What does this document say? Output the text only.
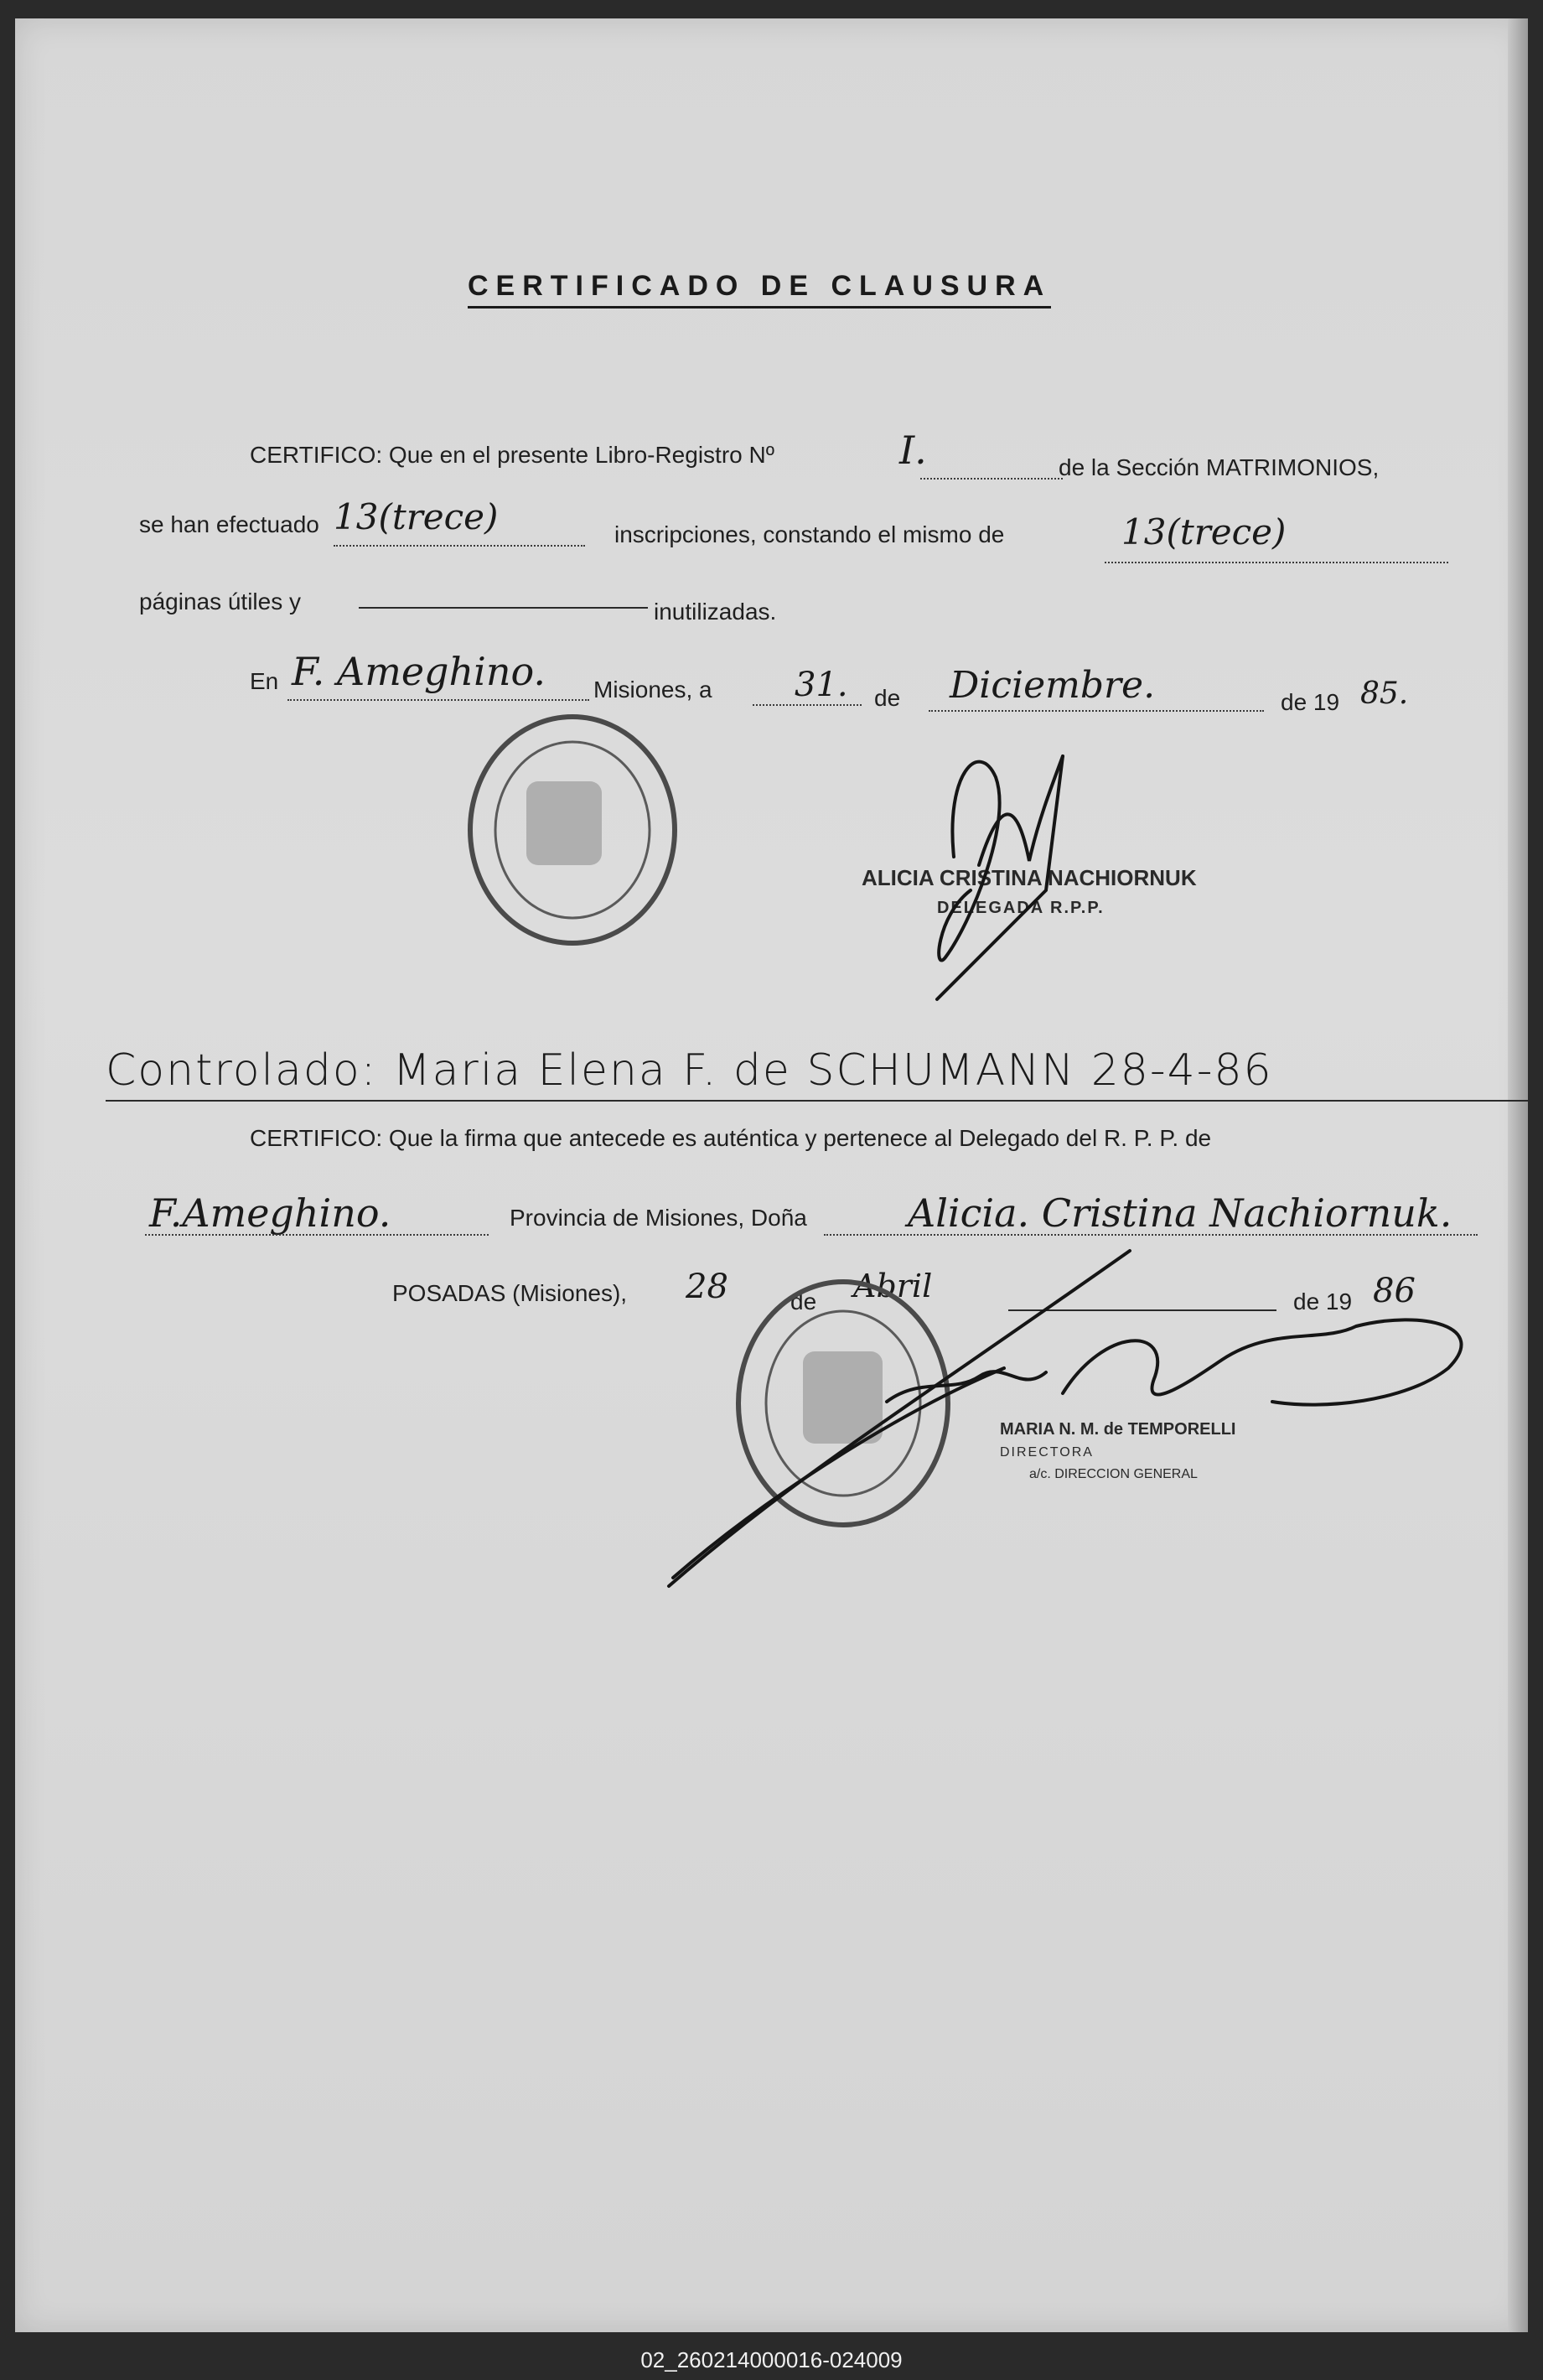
CERTIFICADO DE CLAUSURA
CERTIFICO: Que en el presente Libro-Registro Nº	I.	de la Sección MATRIMONIOS,
se han efectuado 13(trece)	inscripciones, constando el mismo de	13(trece)
páginas útiles y	inutilizadas.
En F. Ameghino. Misiones, a 31. de Diciembre.	de 19 85.
ALICIA CRISTINA NACHIORNUK
DELEGADA R.P.P.
Controlado: Maria Elena F. de SCHUMANN 28-4-86
CERTIFICO: Que la firma que antecede es auténtica y pertenece al Delegado del R. P. P. de
F.Ameghino.	Provincia de Misiones, Doña	Alicia. Cristina Nachiornuk.
POSADAS (Misiones), 28	de Abril	de 19 86
MARIA N. M. de TEMPORELLI
DIRECTORA
a/c. DIRECCION GENERAL
02_260214000016-024009
